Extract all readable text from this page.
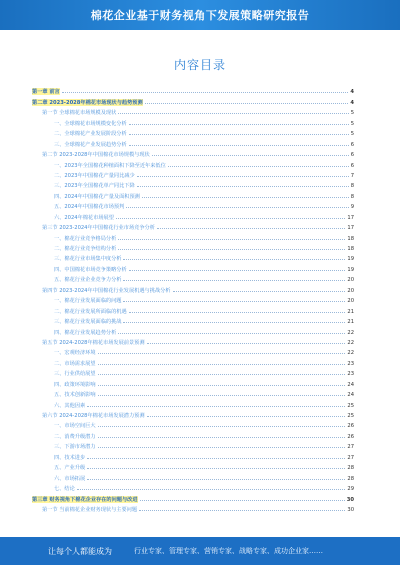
棉花企业基于财务视角下发展策略研究报告
内容目录
第一章 前言	4
第二章 2023-2028年棉花市场现状与趋势预测	4
第一节 全球棉花市场规模及现状	5
一、全球棉花市场规模变化分析	5
二、全球棉花产业发展阶段分析	5
三、全球棉花产业发展趋势分析	6
第二节 2023-2028年中国棉花市场规模与现状	6
一、2023年全国棉花种植面积下降至近年来低位	6
二、2023年中国棉花产量同比减少	7
三、2023年全国棉花单产同比下降	8
四、2024年中国棉花产量及面积预测	8
五、2024年中国棉花市场预判	9
六、2024年棉花市场展望	17
第三节 2023-2024年中国棉花行业市场竞争分析	17
一、棉花行业竞争格局分析	18
二、棉花行业竞争结构分析	18
三、棉花行业市场集中度分析	19
四、中国棉花市场竞争策略分析	19
五、棉花行业企业竞争力分析	20
第四节 2023-2024年中国棉花行业发展机遇与挑战分析	20
一、棉花行业发展面临的问题	20
二、棉花行业发展所面临的机遇	21
三、棉花行业发展面临的挑战	21
四、棉花行业发展趋势分析	22
第五节 2024-2028年棉花市场发展前景预测	22
一、宏观经济环境	22
二、市场需求展望	23
三、行业供给展望	23
四、政策环境影响	24
五、技术创新影响	24
六、其他因素	25
第六节 2024-2028年棉花市场发展潜力预测	25
一、市场空间巨大	26
二、消费升级潜力	26
三、下游市场潜力	27
四、技术进步	27
五、产业升级	28
六、市场拓展	28
七、结论	29
第三章 财务视角下棉花企业存在的问题与改进	30
第一节 当前棉花企业财务现状与主要问题	30
让每个人都能成为	行业专家、管理专家、营销专家、战略专家、成功企业家……
